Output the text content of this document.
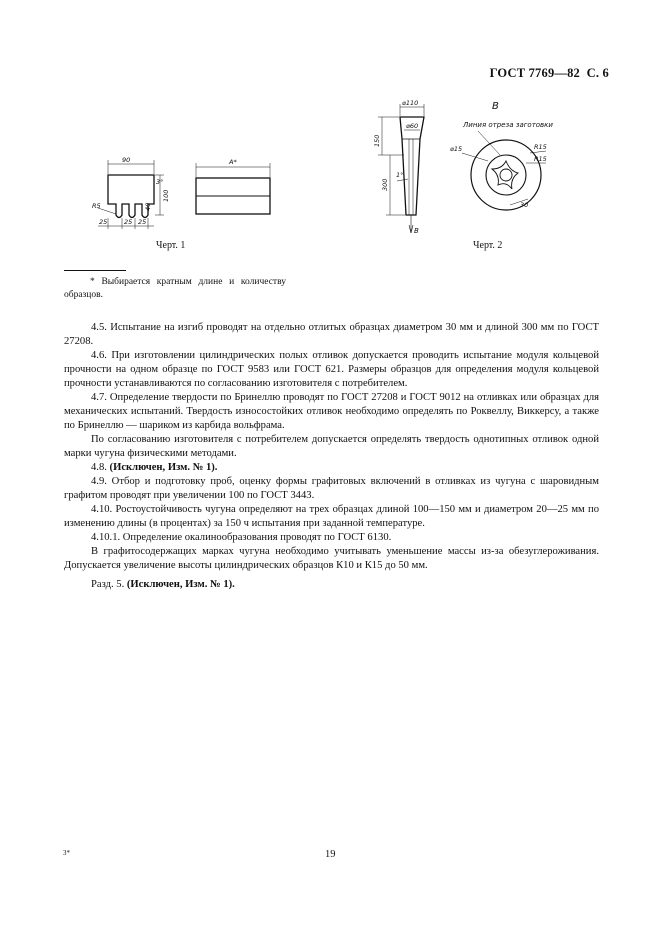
ГОСТ 7769—82 С. 6
90
R5
25	25 25
3°
40
100
A*
Черт. 1
⌀110
⌀60
150
300
1°
B
B
Линия отреза заготовки
⌀15	R15
R15
30
Черт. 2
* Выбирается кратным длине и количеству образцов.

4.5. Испытание на изгиб проводят на отдельно отлитых образцах диаметром 30 мм и длиной 300 мм по ГОСТ 27208.

4.6. При изготовлении цилиндрических полых отливок допускается проводить испытание модуля кольцевой прочности на одном образце по ГОСТ 9583 или ГОСТ 621. Размеры образцов для определения модуля кольцевой прочности устанавливаются по согласованию изготовителя с потребителем.

4.7. Определение твердости по Бринеллю проводят по ГОСТ 27208 и ГОСТ 9012 на отливках или образцах для механических испытаний. Твердость износостойких отливок необходимо определять по Роквеллу, Виккерсу, а также по Бринеллю — шариком из карбида вольфрама.

По согласованию изготовителя с потребителем допускается определять твердость однотипных отливок одной марки чугуна физическими методами.

4.8. (Исключен, Изм. № 1).

4.9. Отбор и подготовку проб, оценку формы графитовых включений в отливках из чугуна с шаровидным графитом проводят при увеличении 100 по ГОСТ 3443.

4.10. Ростоустойчивость чугуна определяют на трех образцах длиной 100—150 мм и диаметром 20—25 мм по изменению длины (в процентах) за 150 ч испытания при заданной температуре.

4.10.1. Определение окалинообразования проводят по ГОСТ 6130.

В графитосодержащих марках чугуна необходимо учитывать уменьшение массы из-за обезуглероживания. Допускается увеличение высоты цилиндрических образцов К10 и К15 до 50 мм.

Разд. 5. (Исключен, Изм. № 1).

3*	19
